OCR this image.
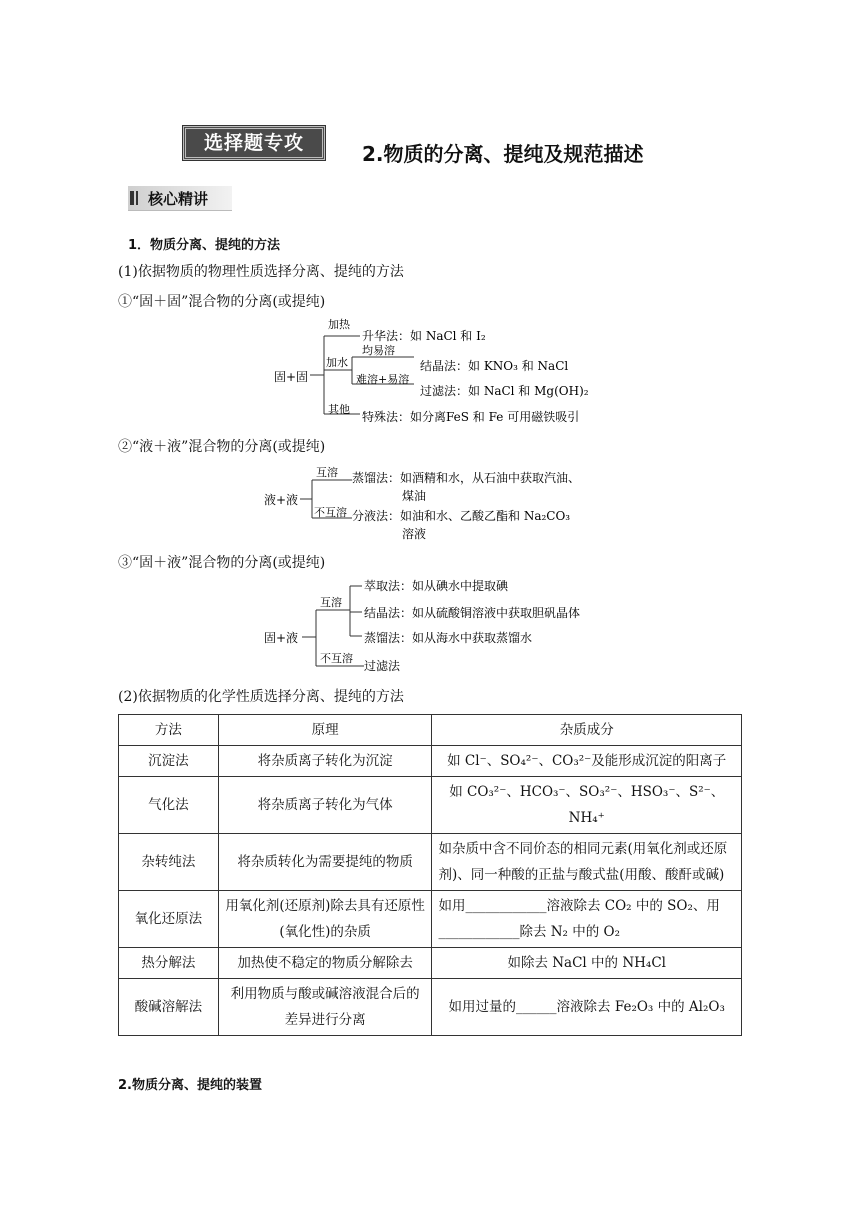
选择题专攻	2.物质的分离、提纯及规范描述
核心精讲
1．物质分离、提纯的方法
(1)依据物质的物理性质选择分离、提纯的方法
①“固＋固”混合物的分离(或提纯)
固+固
加热
升华法：如 NaCl 和 I₂
加水
均易溶
结晶法：如 KNO₃ 和 NaCl
难溶+易溶
过滤法：如 NaCl 和 Mg(OH)₂
其他
特殊法：如分离FeS 和 Fe 可用磁铁吸引
②“液＋液”混合物的分离(或提纯)
液+液
互溶 蒸馏法：如酒精和水，从石油中获取汽油、
煤油
不互溶 分液法：如油和水、乙酸乙酯和 Na₂CO₃
溶液
③“固＋液”混合物的分离(或提纯)
固+液
互溶
萃取法：如从碘水中提取碘
结晶法：如从硫酸铜溶液中获取胆矾晶体
蒸馏法：如从海水中获取蒸馏水
不互溶
过滤法
(2)依据物质的化学性质选择分离、提纯的方法
方法	原理	杂质成分
沉淀法	将杂质离子转化为沉淀	如 Cl⁻、SO₄²⁻、CO₃²⁻及能形成沉淀的阳离子
气化法	将杂质离子转化为气体	如 CO₃²⁻、HCO₃⁻、SO₃²⁻、HSO₃⁻、S²⁻、NH₄⁺
杂转纯法	将杂质转化为需要提纯的物质	如杂质中含不同价态的相同元素(用氧化剂或还原剂)、同一种酸的正盐与酸式盐(用酸、酸酐或碱)
氧化还原法	用氧化剂(还原剂)除去具有还原性(氧化性)的杂质	如用____________溶液除去 CO₂ 中的 SO₂、用____________除去 N₂ 中的 O₂
热分解法	加热使不稳定的物质分解除去	如除去 NaCl 中的 NH₄Cl
酸碱溶解法	利用物质与酸或碱溶液混合后的差异进行分离	如用过量的______溶液除去 Fe₂O₃ 中的 Al₂O₃
2.物质分离、提纯的装置
